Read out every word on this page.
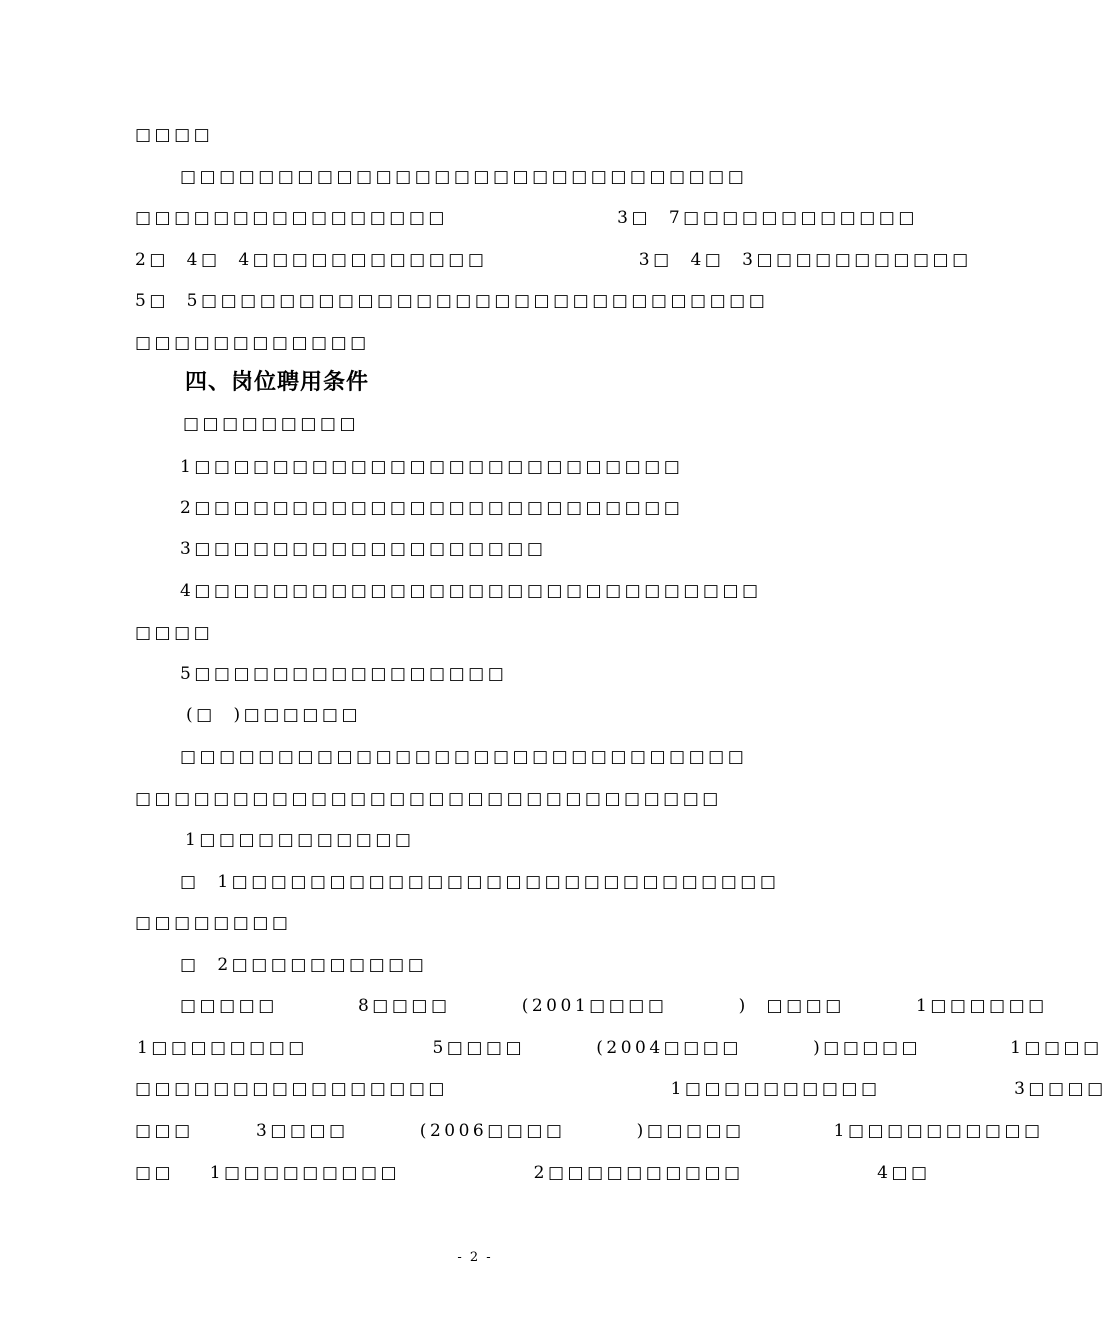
□□□□
□□□□□□□□□□□□□□□□□□□□□□□□□□□□□
□□□□□□□□□□□□□□□□                   3□  7□□□□□□□□□□□□
2□  4□  4□□□□□□□□□□□□                 3□  4□  3□□□□□□□□□□□
5□  5□□□□□□□□□□□□□□□□□□□□□□□□□□□□□
□□□□□□□□□□□□
四、岗位聘用条件
□□□□□□□□□
1□□□□□□□□□□□□□□□□□□□□□□□□□
2□□□□□□□□□□□□□□□□□□□□□□□□□
3□□□□□□□□□□□□□□□□□□
4□□□□□□□□□□□□□□□□□□□□□□□□□□□□□
□□□□
5□□□□□□□□□□□□□□□□
(□  )□□□□□□
□□□□□□□□□□□□□□□□□□□□□□□□□□□□□
□□□□□□□□□□□□□□□□□□□□□□□□□□□□□□
1□□□□□□□□□□□
□  1□□□□□□□□□□□□□□□□□□□□□□□□□□□□
□□□□□□□□
□  2□□□□□□□□□□
□□□□□         8□□□□        (2001□□□□        )  □□□□        1□□□□□□
1□□□□□□□□              5□□□□        (2004□□□□        )□□□□□          1□□□□
□□□□□□□□□□□□□□□□                         1□□□□□□□□□□               3□□□□
□□□       3□□□□        (2006□□□□        )□□□□□          1□□□□□□□□□□
□□    1□□□□□□□□□               2□□□□□□□□□□               4□□
- 2 -
